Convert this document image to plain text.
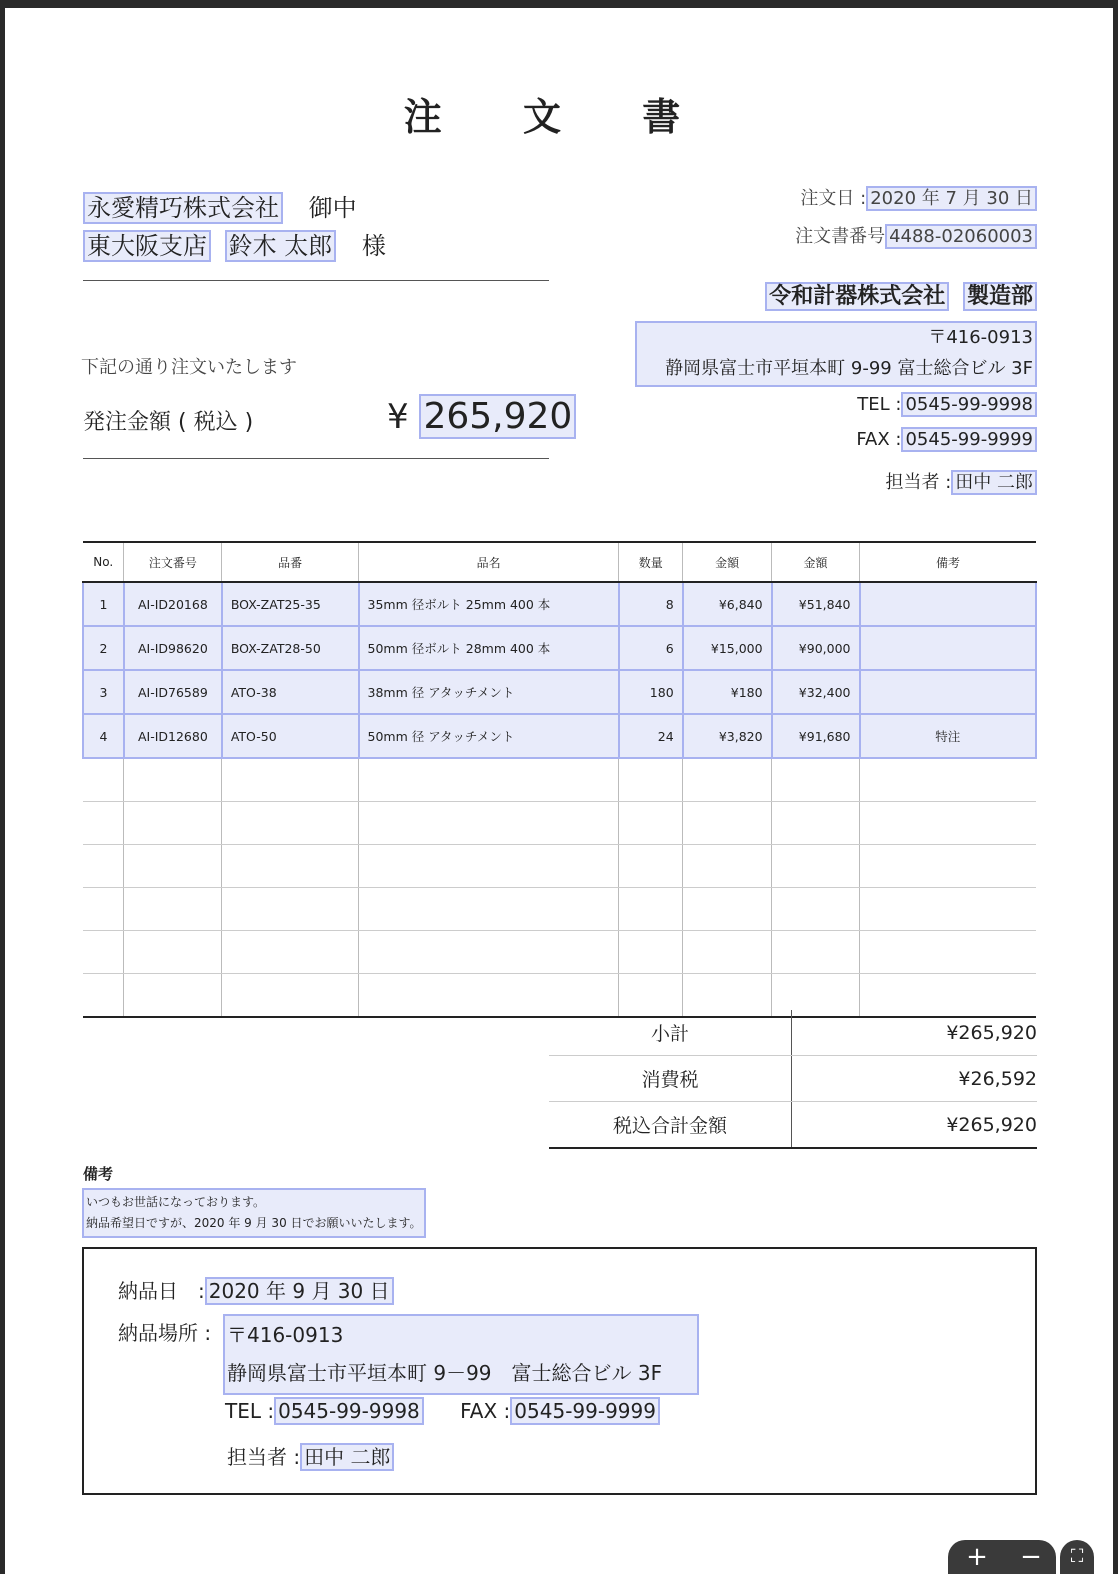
注 文 書
永愛精巧株式会社 御中
東大阪支店 鈴木 太郎 様
下記の通り注文いたします
発注金額 ( 税込 )	¥ 265,920
注文日 : 2020 年 7 月 30 日
注文書番号 4488-02060003
令和計器株式会社 製造部
〒416-0913
静岡県富士市平垣本町 9-99 富士総合ビル 3F
TEL : 0545-99-9998
FAX : 0545-99-9999
担当者 : 田中 二郎
No.	注文番号	品番	品名	数量	金額	金額	備考
1	AI-ID20168	BOX-ZAT25-35	35mm 径ボルト 25mm 400 本	8	¥6,840	¥51,840	
2	AI-ID98620	BOX-ZAT28-50	50mm 径ボルト 28mm 400 本	6	¥15,000	¥90,000	
3	AI-ID76589	ATO-38	38mm 径 アタッチメント	180	¥180	¥32,400	
4	AI-ID12680	ATO-50	50mm 径 アタッチメント	24	¥3,820	¥91,680	特注

小計	¥265,920
消費税	¥26,592
税込合計金額	¥265,920
備考
いつもお世話になっております。
納品希望日ですが、2020 年 9 月 30 日でお願いいたします。
納品日　: 2020 年 9 月 30 日
納品場所 : 〒416-0913
静岡県富士市平垣本町 9－99　富士総合ビル 3F
TEL : 0545-99-9998 FAX : 0545-99-9999
担当者 : 田中 二郎
+	−	⛶
